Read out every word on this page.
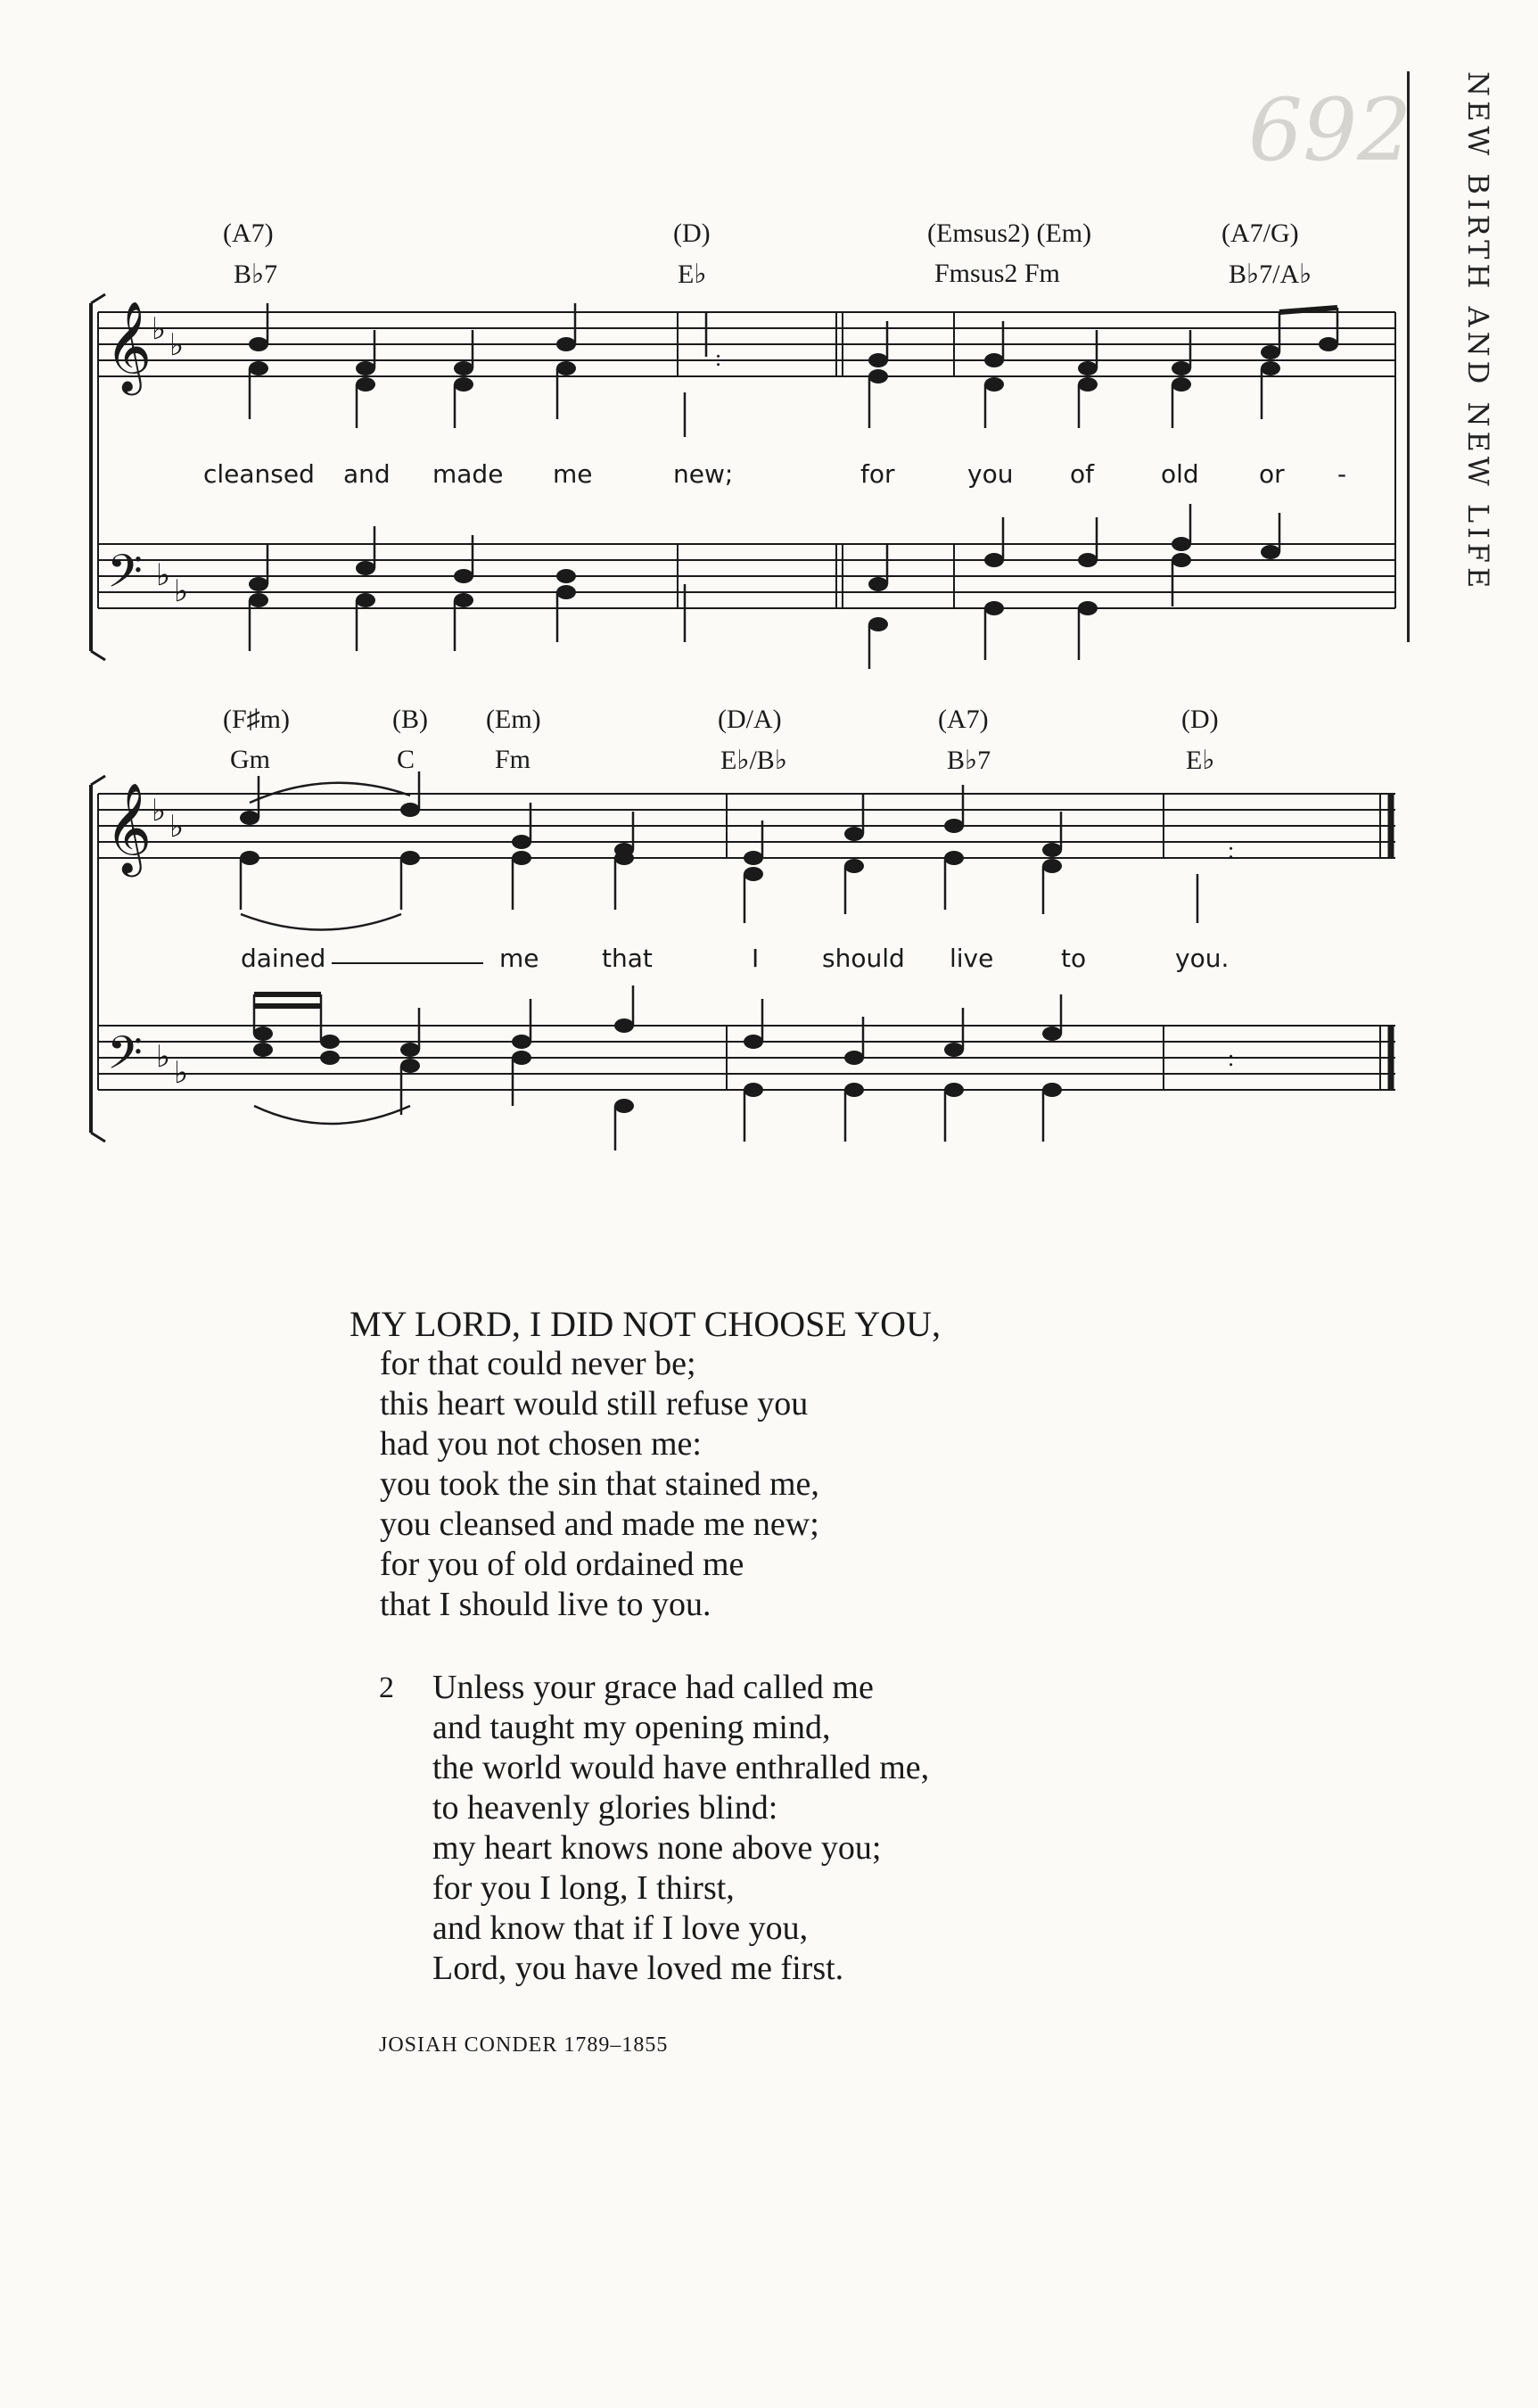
692	NEW BIRTH AND NEW LIFE
(A7)	(D)	(Emsus2) (Em)	(A7/G)
B♭7	E♭	Fmsus2 Fm	B♭7/A♭
𝄞 ♭ ♭
𝄢 ♭ ♭
:
cleansed and made me	new;	for	you of	old or -
(F♯m)	(B) (Em)	(D/A)	(A7)	(D)
Gm	C	Fm	E♭/B♭	B♭7	E♭
𝄞 ♭ ♭
𝄢 ♭ ♭
:
:
dained	me	that	I	should live	to	you.
MY LORD, I DID NOT CHOOSE YOU,
for that could never be;
this heart would still refuse you
had you not chosen me:
you took the sin that stained me,
you cleansed and made me new;
for you of old ordained me
that I should live to you.
2 Unless your grace had called me
and taught my opening mind,
the world would have enthralled me,
to heavenly glories blind:
my heart knows none above you;
for you I long, I thirst,
and know that if I love you,
Lord, you have loved me first.
JOSIAH CONDER 1789–1855
